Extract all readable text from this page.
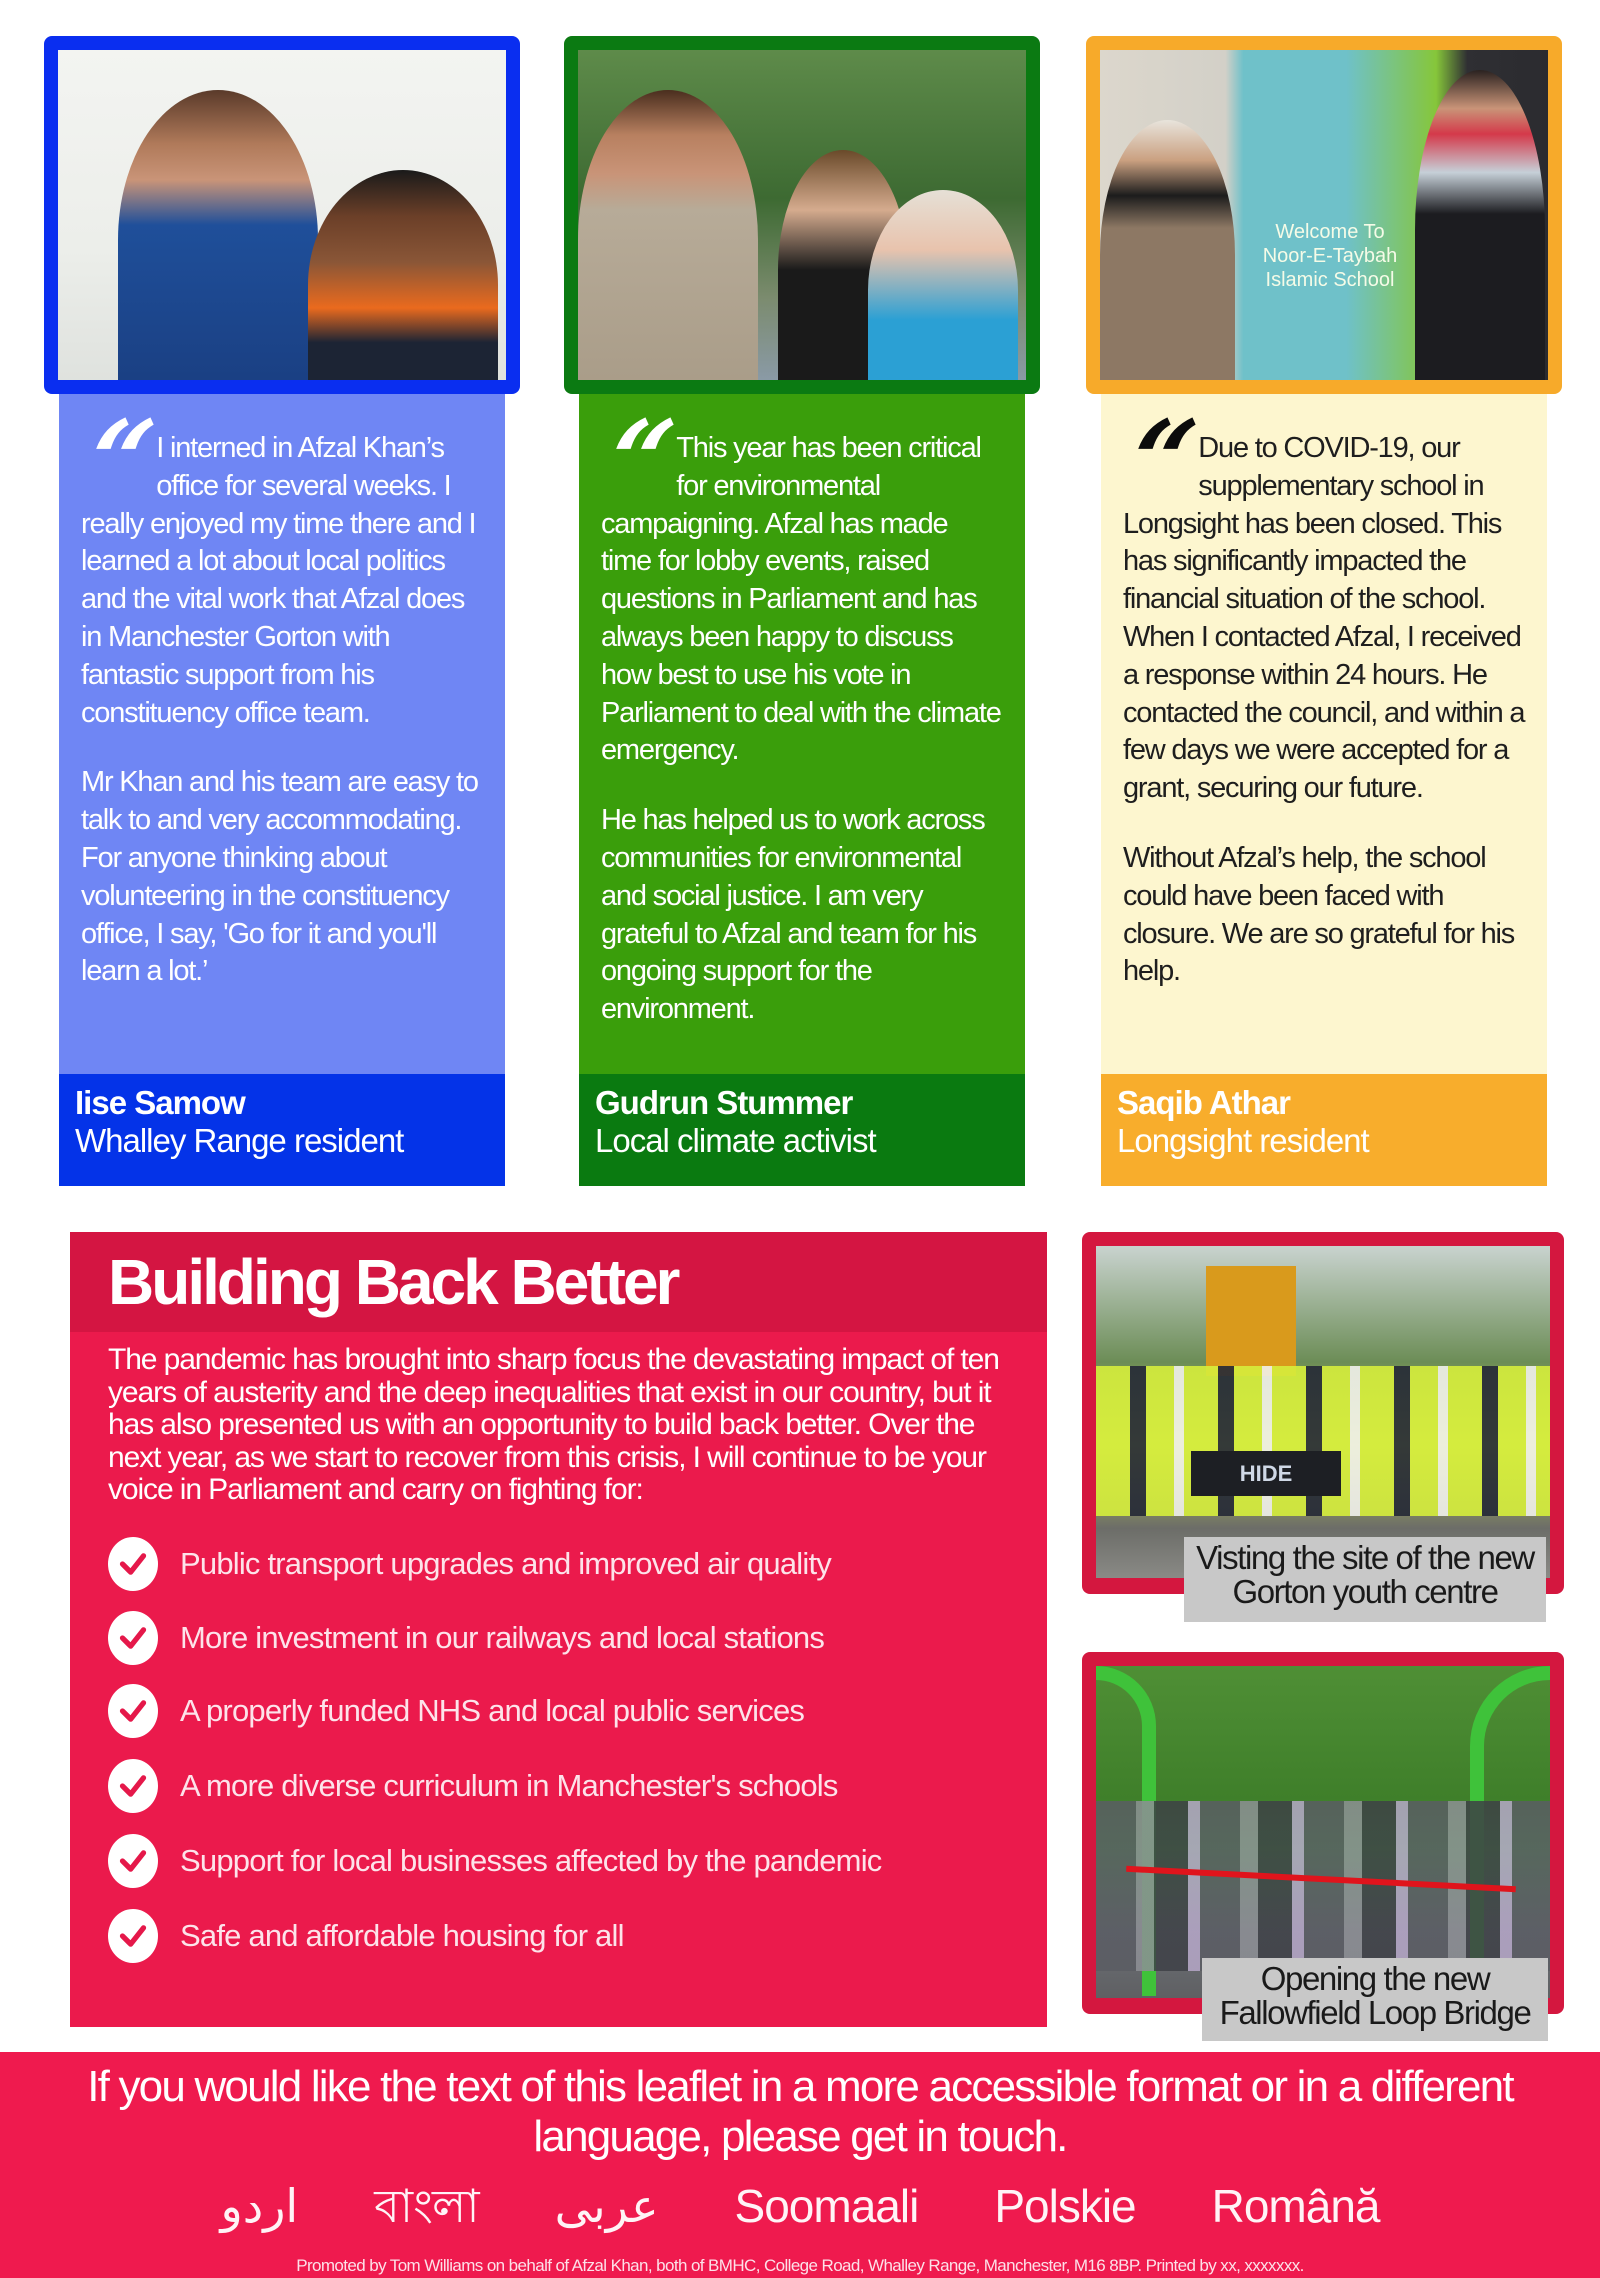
“ I interned in Afzal Khan’s office for several weeks. I really enjoyed my time there and I learned a lot about local politics and the vital work that Afzal does in Manchester Gorton with fantastic support from his constituency office team.

Mr Khan and his team are easy to talk to and very accommodating. For anyone thinking about volunteering in the constituency office, I say, 'Go for it and you'll learn a lot.’

Iise Samow
Whalley Range resident
“ This year has been critical for environmental campaigning. Afzal has made time for lobby events, raised questions in Parliament and has always been happy to discuss how best to use his vote in Parliament to deal with the climate emergency.

He has helped us to work across communities for environmental and social justice. I am very grateful to Afzal and team for his ongoing support for the environment.

Gudrun Stummer
Local climate activist
Welcome To Noor-E-Taybah Islamic School
“ Due to COVID-19, our supplementary school in Longsight has been closed. This has significantly impacted the financial situation of the school. When I contacted Afzal, I received a response within 24 hours. He contacted the council, and within a few days we were accepted for a grant, securing our future.

Without Afzal’s help, the school could have been faced with closure. We are so grateful for his help.

Saqib Athar
Longsight resident
Building Back Better

The pandemic has brought into sharp focus the devastating impact of ten years of austerity and the deep inequalities that exist in our country, but it has also presented us with an opportunity to build back better. Over the next year, as we start to recover from this crisis, I will continue to be your voice in Parliament and carry on fighting for:

Public transport upgrades and improved air quality
More investment in our railways and local stations
A properly funded NHS and local public services
A more diverse curriculum in Manchester's schools
Support for local businesses affected by the pandemic
Safe and affordable housing for all
HIDE
Visting the site of the new Gorton youth centre
Opening the new Fallowfield Loop Bridge

If you would like the text of this leaflet in a more accessible format or in a different language, please get in touch.

اردو বাংলা عربى Soomaali Polskie Română

Promoted by Tom Williams on behalf of Afzal Khan, both of BMHC, College Road, Whalley Range, Manchester, M16 8BP. Printed by xx, xxxxxxx.
